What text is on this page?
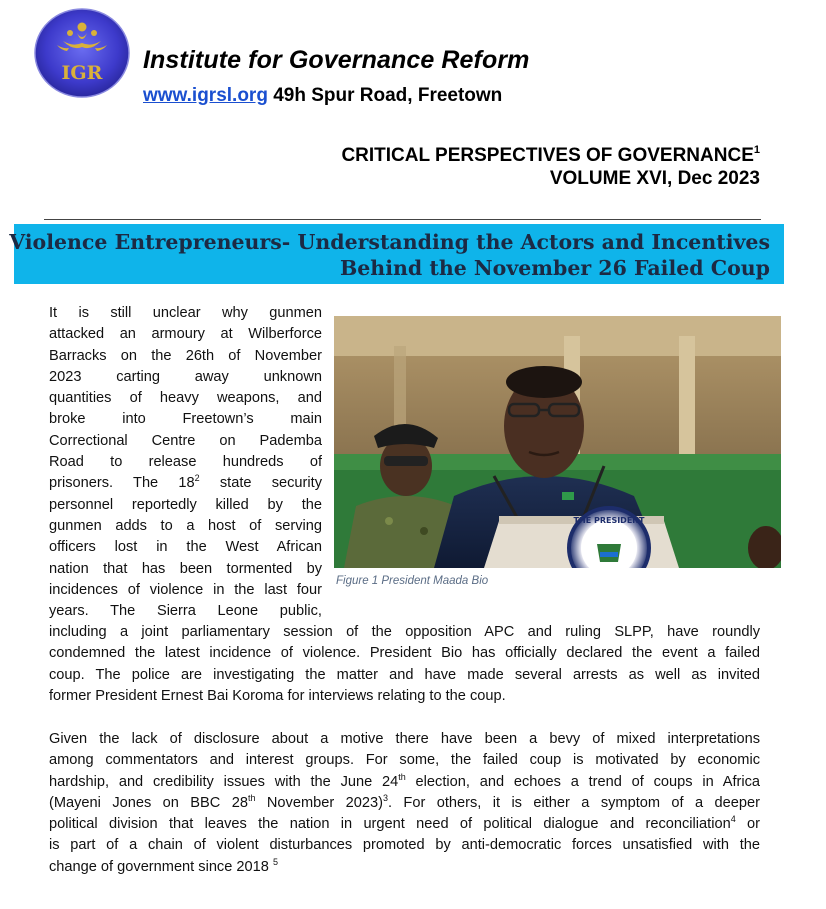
IGR Institute for Governance Reform
www.igrsl.org 49h Spur Road, Freetown
CRITICAL PERSPECTIVES OF GOVERNANCE$^1$
VOLUME XVI, Dec 2023
Violence Entrepreneurs- Understanding the Actors and Incentives
Behind the November 26 Failed Coup
THE PRESIDENT
Figure 1 President Maada Bio
It is still unclear why gunmen
attacked an armoury at Wilberforce
Barracks on the 26th of November
2023 carting away unknown
quantities of heavy weapons, and
broke into Freetown’s main
Correctional Centre on Pademba
Road to release hundreds of
prisoners. The 18$^2$ state security
personnel reportedly killed by the
gunmen adds to a host of serving
officers lost in the West African
nation that has been tormented by
incidences of violence in the last four
years. The Sierra Leone public,
including a joint parliamentary session of the opposition APC and ruling SLPP, have roundly
condemned the latest incidence of violence. President Bio has officially declared the event a failed
coup. The police are investigating the matter and have made several arrests as well as invited
former President Ernest Bai Koroma for interviews relating to the coup.
Given the lack of disclosure about a motive there have been a bevy of mixed interpretations
among commentators and interest groups. For some, the failed coup is motivated by economic
hardship, and credibility issues with the June 24th election, and echoes a trend of coups in Africa
(Mayeni Jones on BBC 28th November 2023)$^3$. For others, it is either a symptom of a deeper
political division that leaves the nation in urgent need of political dialogue and reconciliation$^4$ or
is part of a chain of violent disturbances promoted by anti-democratic forces unsatisfied with the
change of government since 2018 $^5$
